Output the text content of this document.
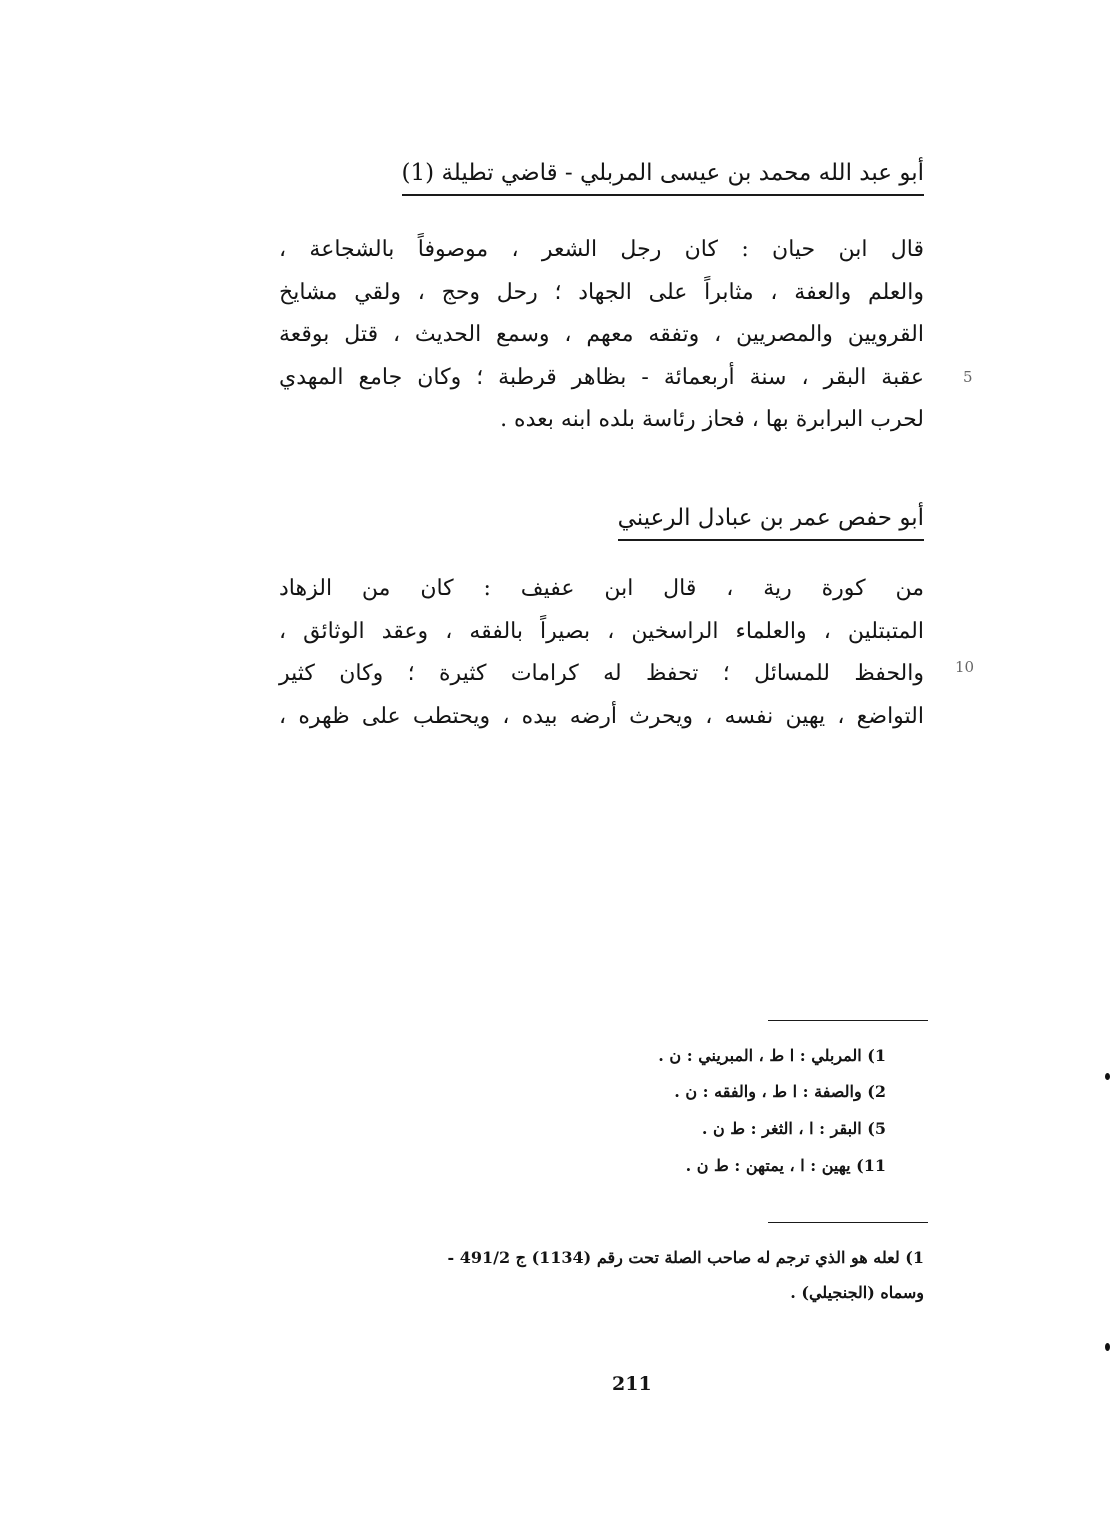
أبو عبد الله محمد بن عيسى المربلي - قاضي تطيلة (1)
قال ابن حيان : كان رجل الشعر ، موصوفاً بالشجاعة ،
والعلم والعفة ، مثابراً على الجهاد ؛ رحل وحج ، ولقي مشايخ
القرويين والمصريين ، وتفقه معهم ، وسمع الحديث ، قتل بوقعة
عقبة البقر ، سنة أربعمائة - بظاهر قرطبة ؛ وكان جامع المهدي
لحرب البرابرة بها ، فحاز رئاسة بلده ابنه بعده .
5
أبو حفص عمر بن عبادل الرعيني
من كورة رية ، قال ابن عفيف : كان من الزهاد
المتبتلين ، والعلماء الراسخين ، بصيراً بالفقه ، وعقد الوثائق ،
والحفظ للمسائل ؛ تحفظ له كرامات كثيرة ؛ وكان كثير
التواضع ، يهين نفسه ، ويحرث أرضه بيده ، ويحتطب على ظهره ،
10
1) المربلي : ا ط ، المبريني : ن .
2) والصفة : ا ط ، والفقه : ن .
5) البقر : ا ، الثغر : ط ن .
11) يهين : ا ، يمتهن : ط ن .
1) لعله هو الذي ترجم له صاحب الصلة تحت رقم (1134) ج 491/2 -
وسماه (الجنجيلي) .
211
